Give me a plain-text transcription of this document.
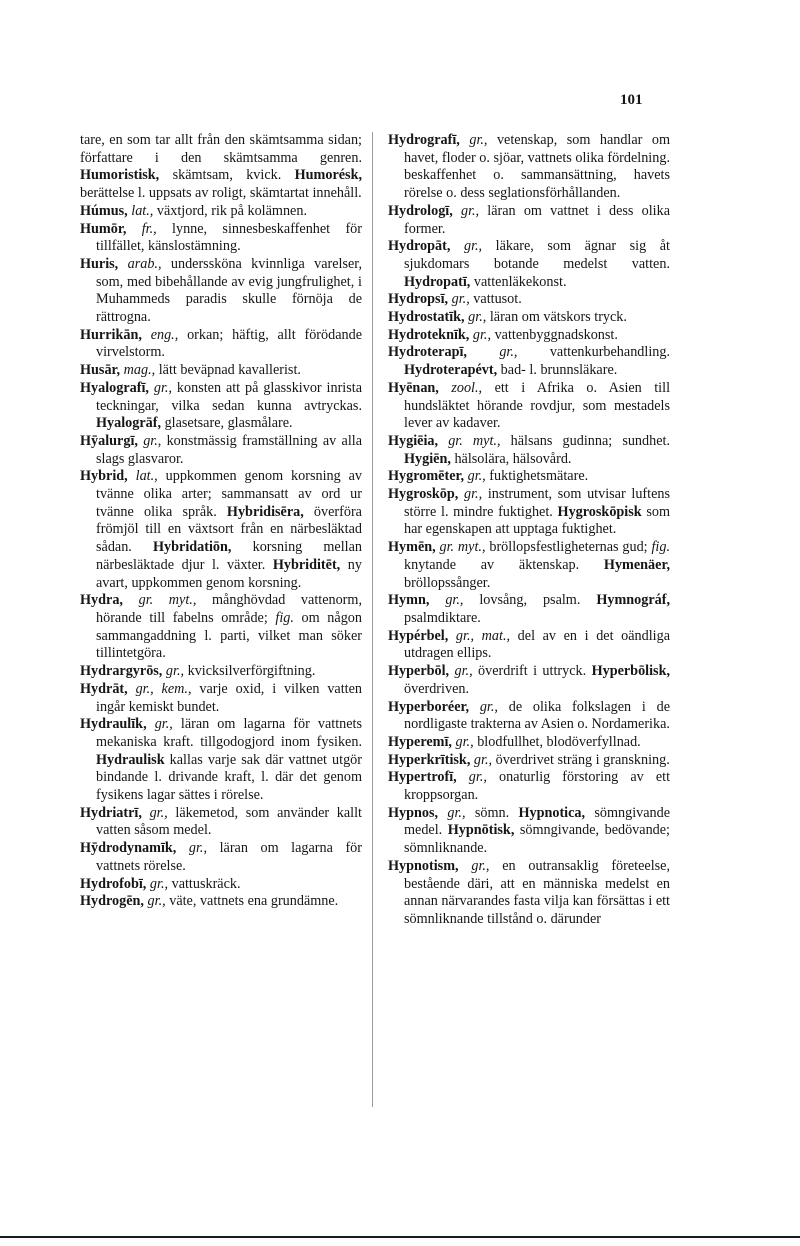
101

tare, en som tar allt från den skämtsamma sidan; författare i den skämtsamma genren. Humoristisk, skämtsam, kvick. Humorésk, berättelse l. uppsats av roligt, skämtartat innehåll.

Húmus, lat., växtjord, rik på kolämnen.

Humōr, fr., lynne, sinnesbeskaffenhet för tillfället, känslostämning.

Huris, arab., underssköna kvinnliga varelser, som, med bibehållande av evig jungfrulighet, i Muhammeds paradis skulle förnöja de rättrogna.

Hurrikān, eng., orkan; häftig, allt förödande virvelstorm.

Husār, mag., lätt beväpnad kavallerist.

Hyalografī, gr., konsten att på glasskivor inrista teckningar, vilka sedan kunna avtryckas. Hyalogrāf, glasetsare, glasmålare.

Hȳalurgī, gr., konstmässig framställning av alla slags glasvaror.

Hybrid, lat., uppkommen genom korsning av tvänne olika arter; sammansatt av ord ur tvänne olika språk. Hybridisēra, överföra frömjöl till en växtsort från en närbesläktad sådan. Hybridatiōn, korsning mellan närbesläktade djur l. växter. Hybriditēt, ny avart, uppkommen genom korsning.

Hydra, gr. myt., månghövdad vattenorm, hörande till fabelns område; fig. om någon sammangaddning l. parti, vilket man söker tillintetgöra.

Hydrargyrōs, gr., kvicksilverförgiftning.

Hydrāt, gr., kem., varje oxid, i vilken vatten ingår kemiskt bundet.

Hydraulīk, gr., läran om lagarna för vattnets mekaniska kraft. tillgodogjord inom fysiken. Hydraulisk kallas varje sak där vattnet utgör bindande l. drivande kraft, l. där det genom fysikens lagar sättes i rörelse.

Hydriatrī, gr., läkemetod, som använder kallt vatten såsom medel.

Hȳdrodynamīk, gr., läran om lagarna för vattnets rörelse.

Hydrofobī, gr., vattuskräck.

Hydrogēn, gr., väte, vattnets ena grundämne.

Hydrografī, gr., vetenskap, som handlar om havet, floder o. sjöar, vattnets olika fördelning. beskaffenhet o. sammansättning, havets rörelse o. dess seglationsförhållanden.

Hydrologī, gr., läran om vattnet i dess olika former.

Hydropāt, gr., läkare, som ägnar sig åt sjukdomars botande medelst vatten. Hydropatī, vattenläkekonst.

Hydropsī, gr., vattusot.

Hydrostatīk, gr., läran om vätskors tryck.

Hydroteknīk, gr., vattenbyggnadskonst.

Hydroterapī, gr., vattenkurbehandling. Hydroterapévt, bad- l. brunnsläkare.

Hyēnan, zool., ett i Afrika o. Asien till hundsläktet hörande rovdjur, som mestadels lever av kadaver.

Hygiēia, gr. myt., hälsans gudinna; sundhet. Hygiēn, hälsolära, hälsovård.

Hygromēter, gr., fuktighetsmätare.

Hygroskōp, gr., instrument, som utvisar luftens större l. mindre fuktighet. Hygroskōpisk som har egenskapen att upptaga fuktighet.

Hymēn, gr. myt., bröllopsfestligheternas gud; fig. knytande av äktenskap. Hymenäer, bröllopssånger.

Hymn, gr., lovsång, psalm. Hymnográf, psalmdiktare.

Hypérbel, gr., mat., del av en i det oändliga utdragen ellips.

Hyperbōl, gr., överdrift i uttryck. Hyperbōlisk, överdriven.

Hyperboréer, gr., de olika folkslagen i de nordligaste trakterna av Asien o. Nordamerika.

Hyperemī, gr., blodfullhet, blodöverfyllnad.

Hyperkrītisk, gr., överdrivet sträng i granskning.

Hypertrofī, gr., onaturlig förstoring av ett kroppsorgan.

Hypnos, gr., sömn. Hypnotica, sömngivande medel. Hypnōtisk, sömngivande, bedövande; sömnliknande.

Hypnotism, gr., en outransaklig företeelse, bestående däri, att en människa medelst en annan närvarandes fasta vilja kan försättas i ett sömnliknande tillstånd o. därunder
